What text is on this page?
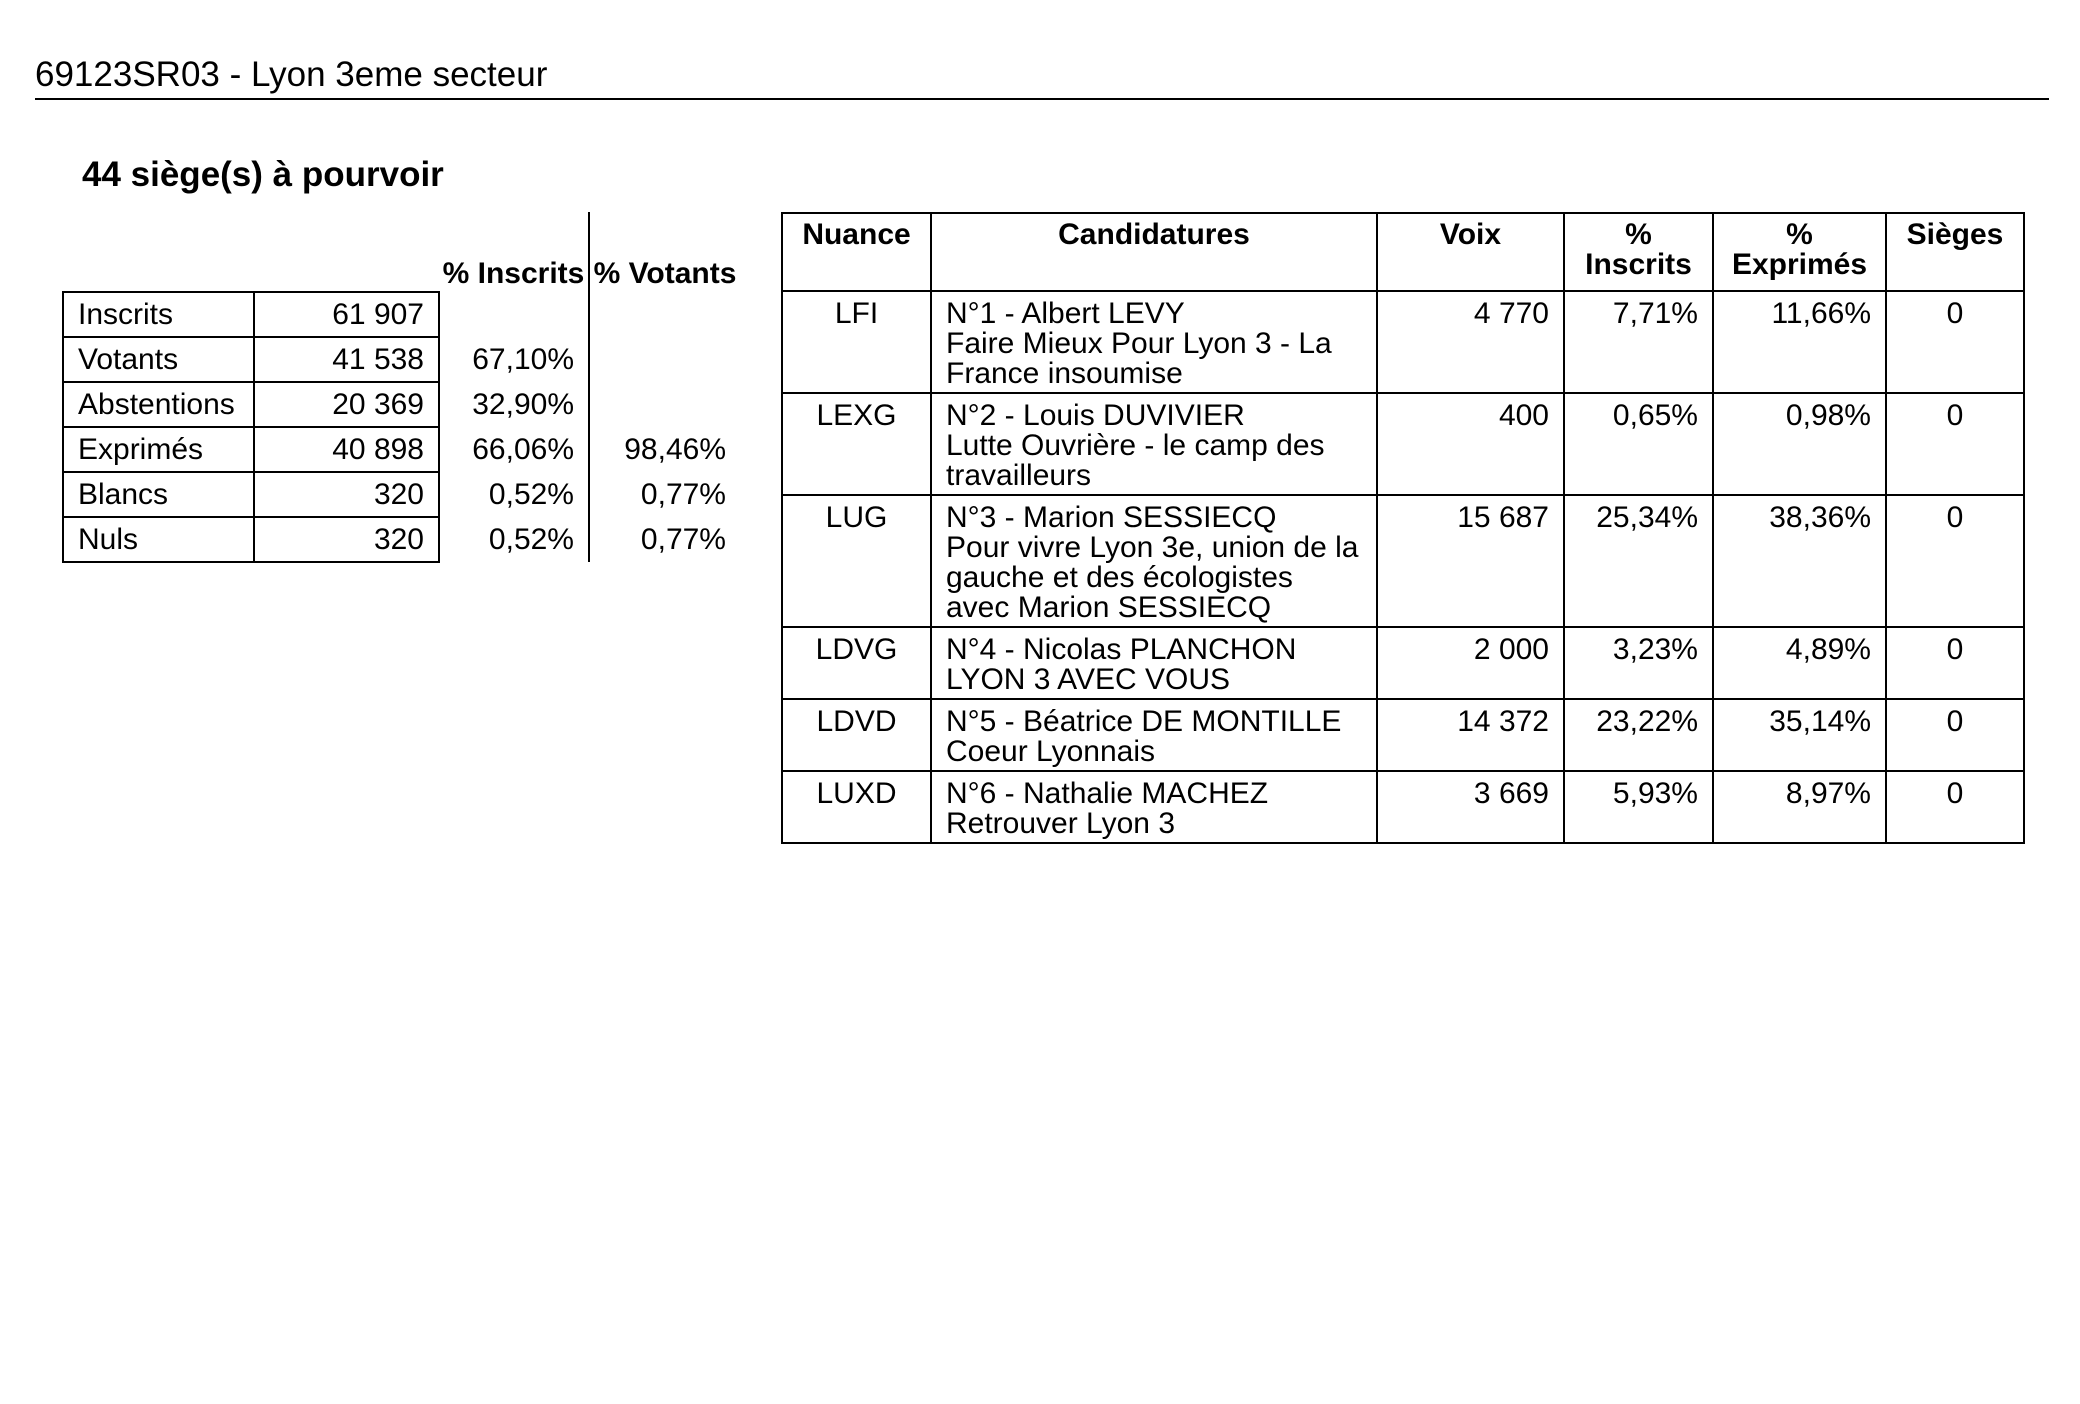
69123SR03 - Lyon 3eme secteur
44 siège(s) à pourvoir
		% Inscrits	% Votants
Inscrits	61 907		
Votants	41 538	67,10%	
Abstentions	20 369	32,90%	
Exprimés	40 898	66,06%	98,46%
Blancs	320	0,52%	0,77%
Nuls	320	0,52%	0,77%
Nuance	Candidatures	Voix	% Inscrits	% Exprimés	Sièges
LFI	N°1 - Albert LEVY
Faire Mieux Pour Lyon 3 - La France insoumise	4 770	7,71%	11,66%	0
LEXG	N°2 - Louis DUVIVIER
Lutte Ouvrière - le camp des travailleurs	400	0,65%	0,98%	0
LUG	N°3 - Marion SESSIECQ
Pour vivre Lyon 3e, union de la gauche et des écologistes avec Marion SESSIECQ	15 687	25,34%	38,36%	0
LDVG	N°4 - Nicolas PLANCHON
LYON 3 AVEC VOUS	2 000	3,23%	4,89%	0
LDVD	N°5 - Béatrice DE MONTILLE
Coeur Lyonnais	14 372	23,22%	35,14%	0
LUXD	N°6 - Nathalie MACHEZ
Retrouver Lyon 3	3 669	5,93%	8,97%	0
